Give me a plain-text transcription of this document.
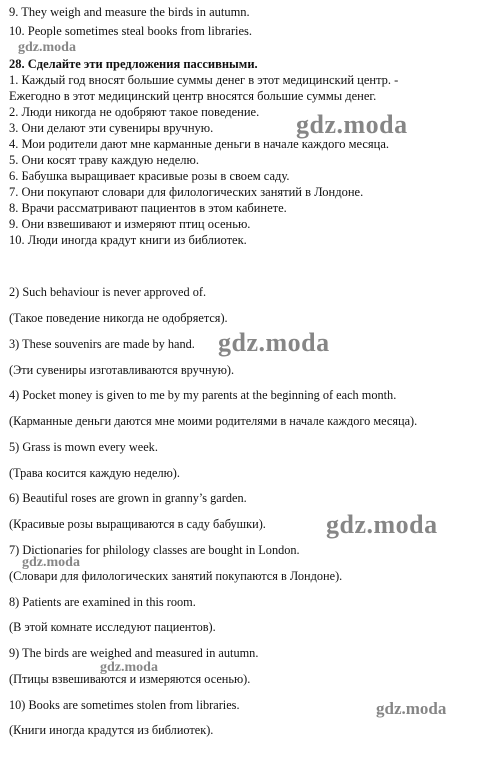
9. They weigh and measure the birds in autumn.
10. People sometimes steal books from libraries.
28. Сделайте эти предложения пассивными.
1. Каждый год вносят большие суммы денег в этот медицинский центр. -
Ежегодно в этот медицинский центр вносятся большие суммы денег.
2. Люди никогда не одобряют такое поведение.
3. Они делают эти сувениры вручную.
4. Мои родители дают мне карманные деньги в начале каждого месяца.
5. Они косят траву каждую неделю.
6. Бабушка выращивает красивые розы в своем саду.
7. Они покупают словари для филологических занятий в Лондоне.
8. Врачи рассматривают пациентов в этом кабинете.
9. Они взвешивают и измеряют птиц осенью.
10. Люди иногда крадут книги из библиотек.
2) Such behaviour is never approved of.
(Такое поведение никогда не одобряется).
3) These souvenirs are made by hand.
(Эти сувениры изготавливаются вручную).
4) Pocket money is given to me by my parents at the beginning of each month.
(Карманные деньги даются мне моими родителями в начале каждого месяца).
5) Grass is mown every week.
(Трава косится каждую неделю).
6) Beautiful roses are grown in granny’s garden.
(Красивые розы выращиваются в саду бабушки).
7) Dictionaries for philology classes are bought in London.
(Словари для филологических занятий покупаются в Лондоне).
8) Patients are examined in this room.
(В этой комнате исследуют пациентов).
9) The birds are weighed and measured in autumn.
(Птицы взвешиваются и измеряются осенью).
10) Books are sometimes stolen from libraries.
(Книги иногда крадутся из библиотек).
gdz.moda
gdz.moda
gdz.moda
gdz.moda
gdz.moda
gdz.moda
gdz.moda
